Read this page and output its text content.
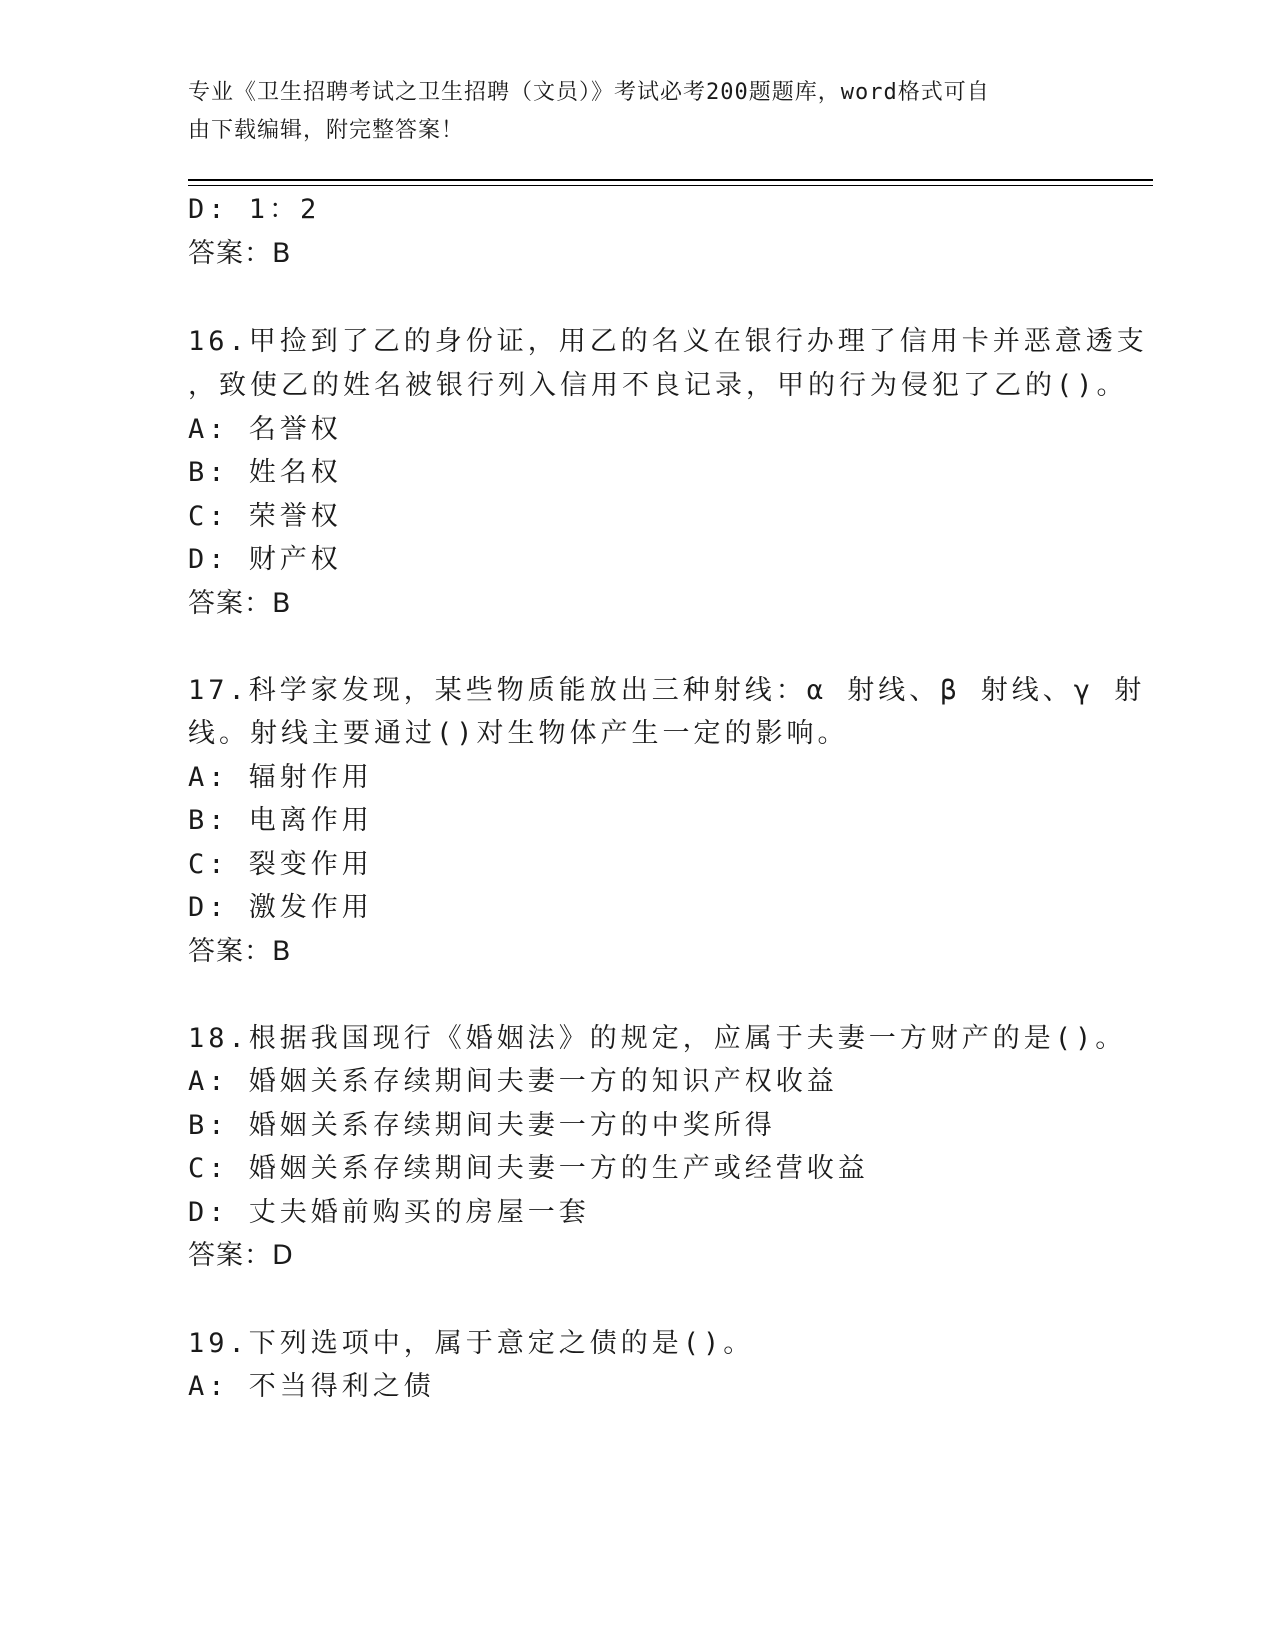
专业《卫生招聘考试之卫生招聘（文员）》考试必考200题题库，word格式可自
由下载编辑，附完整答案！
D: 1：2
答案：B
16.甲捡到了乙的身份证，用乙的名义在银行办理了信用卡并恶意透支
，致使乙的姓名被银行列入信用不良记录，甲的行为侵犯了乙的()。
A: 名誉权
B: 姓名权
C: 荣誉权
D: 财产权
答案：B
17.科学家发现，某些物质能放出三种射线：α 射线、β 射线、γ 射
线。射线主要通过()对生物体产生一定的影响。
A: 辐射作用
B: 电离作用
C: 裂变作用
D: 激发作用
答案：B
18.根据我国现行《婚姻法》的规定，应属于夫妻一方财产的是()。
A: 婚姻关系存续期间夫妻一方的知识产权收益
B: 婚姻关系存续期间夫妻一方的中奖所得
C: 婚姻关系存续期间夫妻一方的生产或经营收益
D: 丈夫婚前购买的房屋一套
答案：D
19.下列选项中，属于意定之债的是()。
A: 不当得利之债
